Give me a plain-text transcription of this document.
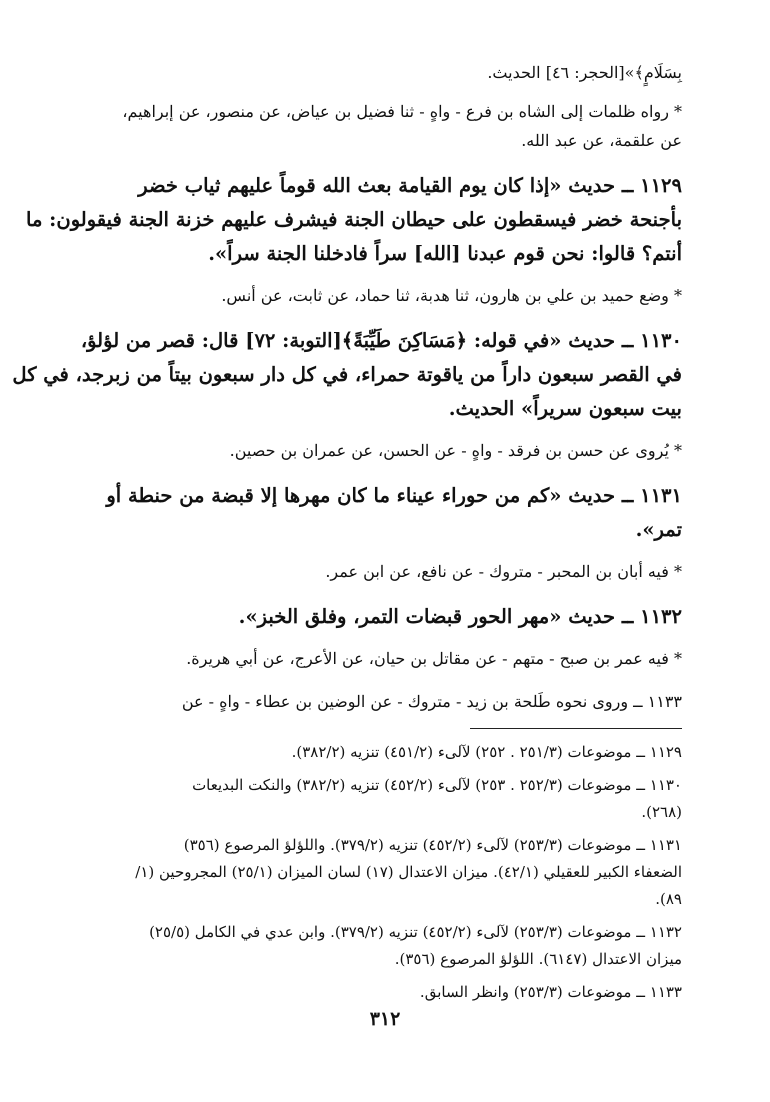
بِسَلَامٍ﴾»[الحجر: ٤٦] الحديث.
* رواه ظلمات إلى الشاه بن فرع - واهٍ - ثنا فضيل بن عياض، عن منصور، عن إبراهيم،
عن علقمة، عن عبد الله.
١١٢٩ ــ حديث «إذا كان يوم القيامة بعث الله قوماً عليهم ثياب خضر
بأجنحة خضر فيسقطون على حيطان الجنة فيشرف عليهم خزنة الجنة فيقولون: ما
أنتم؟ قالوا: نحن قوم عبدنا [الله] سراً فادخلنا الجنة سراً».
* وضع حميد بن علي بن هارون، ثنا هدبة، ثنا حماد، عن ثابت، عن أنس.
١١٣٠ ــ حديث «في قوله: ﴿مَسَاكِنَ طَيِّبَةً﴾[التوبة: ٧٢] قال: قصر من لؤلؤ،
في القصر سبعون داراً من ياقوتة حمراء، في كل دار سبعون بيتاً من زبرجد، في كل
بيت سبعون سريراً» الحديث.
* يُروى عن حسن بن فرقد - واهٍ - عن الحسن، عن عمران بن حصين.
١١٣١ ــ حديث «كم من حوراء عيناء ما كان مهرها إلا قبضة من حنطة أو
تمر».
* فيه أبان بن المحبر - متروك - عن نافع، عن ابن عمر.
١١٣٢ ــ حديث «مهر الحور قبضات التمر، وفلق الخبز».
* فيه عمر بن صبح - متهم - عن مقاتل بن حيان، عن الأعرج، عن أبي هريرة.
١١٣٣ ــ وروى نحوه طَلحة بن زيد - متروك - عن الوضين بن عطاء - واهٍ - عن
١١٢٩ ــ موضوعات (٢٥١/٣ . ٢٥٢) لآلىء (٤٥١/٢) تنزيه (٣٨٢/٢).
١١٣٠ ــ موضوعات (٢٥٢/٣ . ٢٥٣) لآلىء (٤٥٢/٢) تنزيه (٣٨٢/٢) والنكت البديعات
(٢٦٨).
١١٣١ ــ موضوعات (٢٥٣/٣) لآلىء (٤٥٢/٢) تنزيه (٣٧٩/٢). واللؤلؤ المرصوع (٣٥٦)
الضعفاء الكبير للعقيلي (٤٢/١). ميزان الاعتدال (١٧) لسان الميزان (٢٥/١) المجروحين (١/
٨٩).
١١٣٢ ــ موضوعات (٢٥٣/٣) لآلىء (٤٥٢/٢) تنزيه (٣٧٩/٢). وابن عدي في الكامل (٢٥/٥)
ميزان الاعتدال (٦١٤٧). اللؤلؤ المرصوع (٣٥٦).
١١٣٣ ــ موضوعات (٢٥٣/٣) وانظر السابق.
٣١٢
